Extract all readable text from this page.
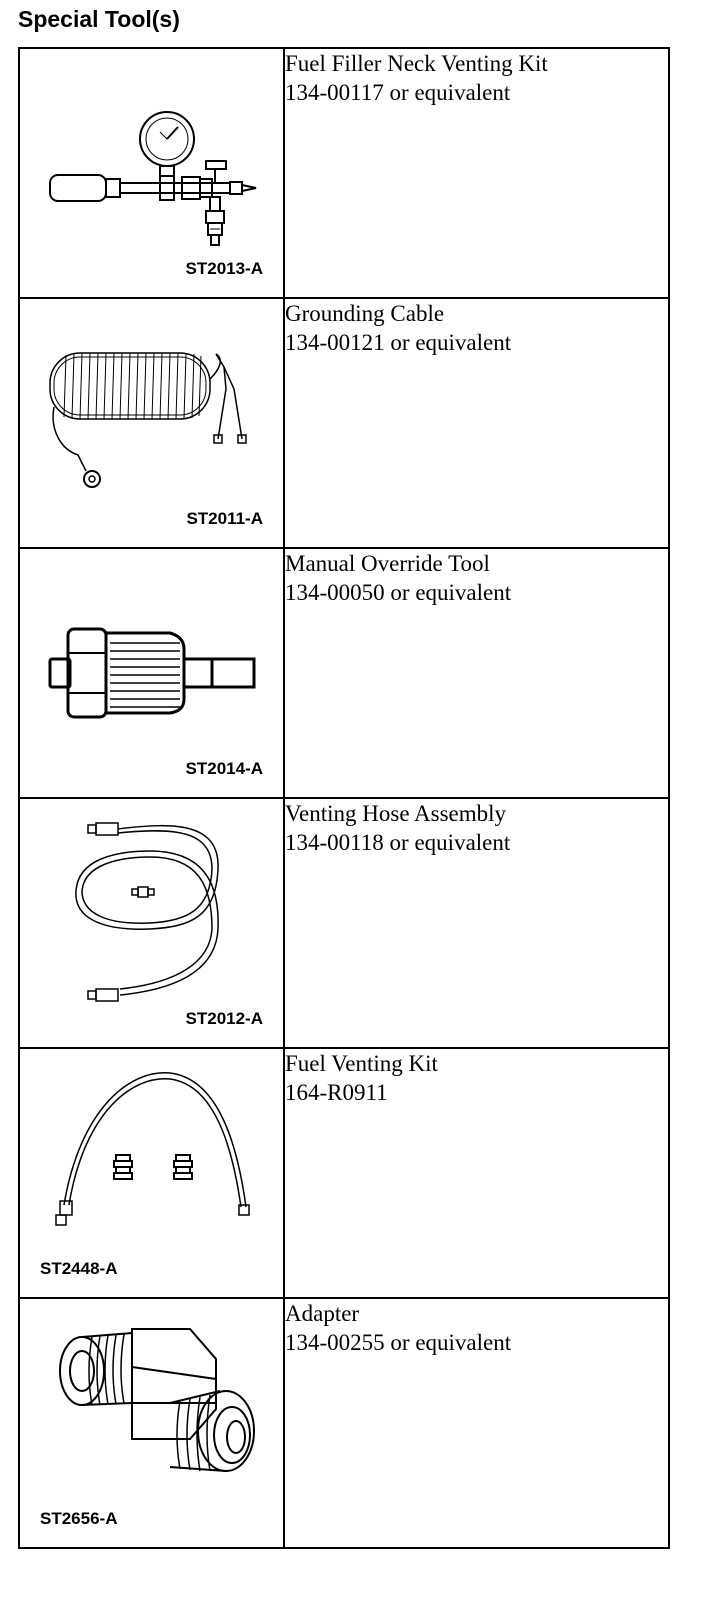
Special Tool(s)
ST2013-A	Fuel Filler Neck Venting Kit
134-00117 or equivalent

ST2011-A	Grounding Cable
134-00121 or equivalent

ST2014-A	Manual Override Tool
134-00050 or equivalent

ST2012-A	Venting Hose Assembly
134-00118 or equivalent

ST2448-A	Fuel Venting Kit
164-R0911

ST2656-A	Adapter
134-00255 or equivalent
